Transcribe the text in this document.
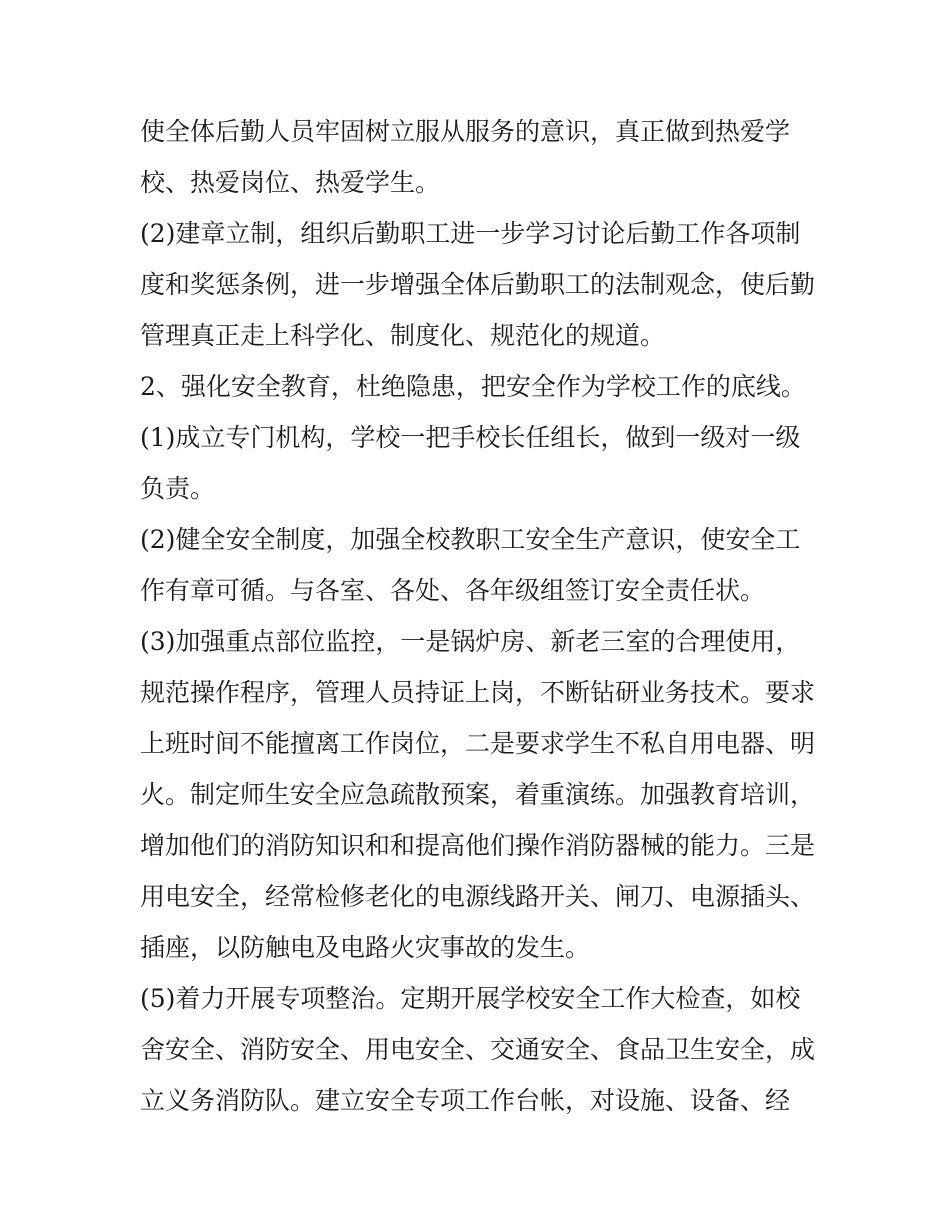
使全体后勤人员牢固树立服从服务的意识，真正做到热爱学
校、热爱岗位、热爱学生。
(2)建章立制，组织后勤职工进一步学习讨论后勤工作各项制
度和奖惩条例，进一步增强全体后勤职工的法制观念，使后勤
管理真正走上科学化、制度化、规范化的规道。
2、强化安全教育，杜绝隐患，把安全作为学校工作的底线。
(1)成立专门机构，学校一把手校长任组长，做到一级对一级
负责。
(2)健全安全制度，加强全校教职工安全生产意识，使安全工
作有章可循。与各室、各处、各年级组签订安全责任状。
(3)加强重点部位监控，一是锅炉房、新老三室的合理使用，
规范操作程序，管理人员持证上岗，不断钻研业务技术。要求
上班时间不能擅离工作岗位，二是要求学生不私自用电器、明
火。制定师生安全应急疏散预案，着重演练。加强教育培训，
增加他们的消防知识和和提高他们操作消防器械的能力。三是
用电安全，经常检修老化的电源线路开关、闸刀、电源插头、
插座，以防触电及电路火灾事故的发生。
(5)着力开展专项整治。定期开展学校安全工作大检查，如校
舍安全、消防安全、用电安全、交通安全、食品卫生安全，成
立义务消防队。建立安全专项工作台帐，对设施、设备、经
